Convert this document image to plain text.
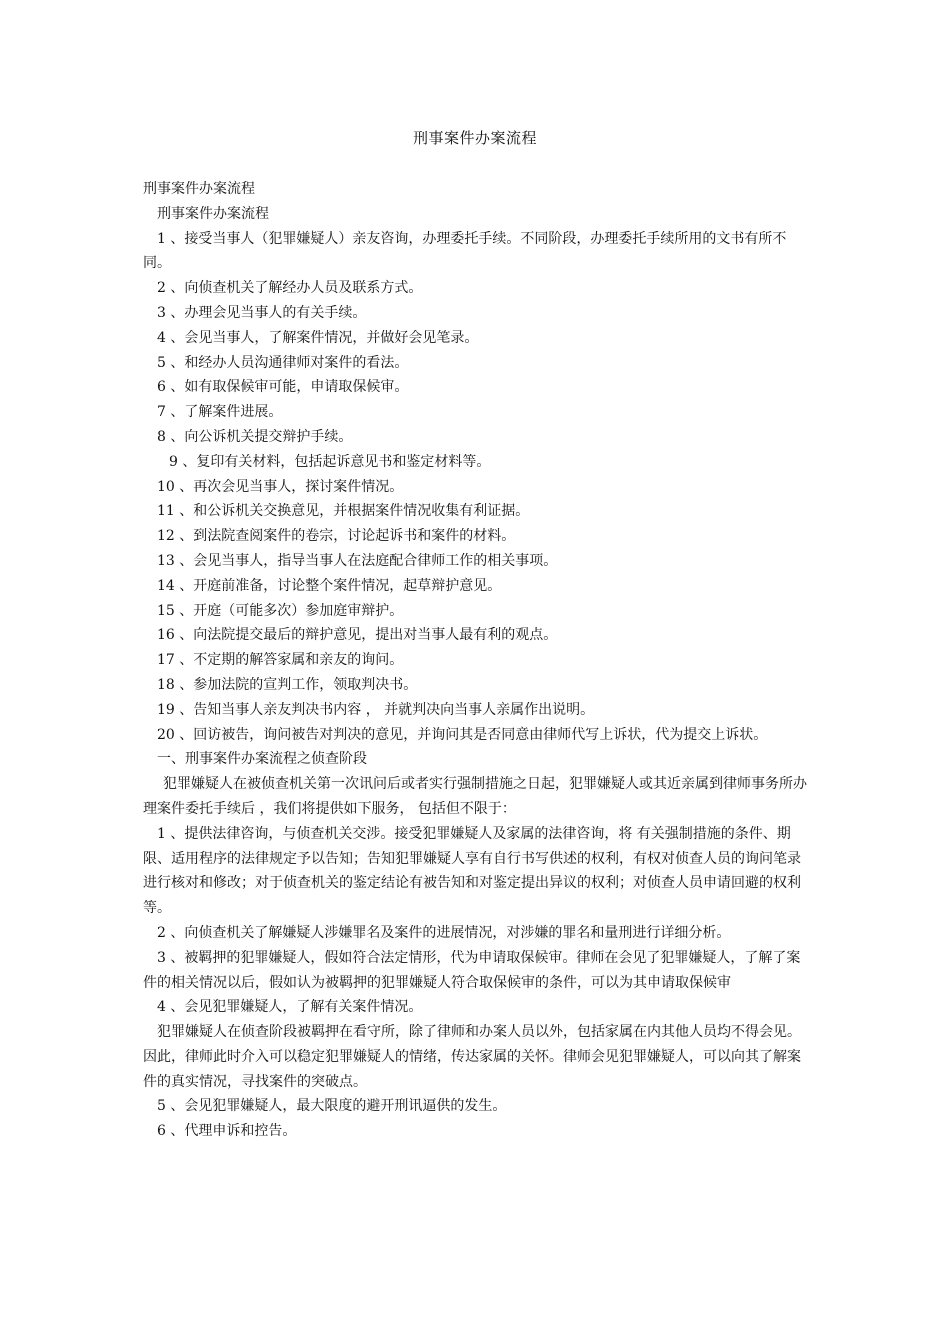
刑事案件办案流程

刑事案件办案流程

刑事案件办案流程

1 、接受当事人（犯罪嫌疑人）亲友咨询，办理委托手续。不同阶段，办理委托手续所用的文书有所不同。

2 、向侦查机关了解经办人员及联系方式。

3 、办理会见当事人的有关手续。

4 、会见当事人，了解案件情况，并做好会见笔录。

5 、和经办人员沟通律师对案件的看法。

6 、如有取保候审可能，申请取保候审。

7 、了解案件进展。

8 、向公诉机关提交辩护手续。

9 、复印有关材料，包括起诉意见书和鉴定材料等。

10 、再次会见当事人，探讨案件情况。

11 、和公诉机关交换意见，并根据案件情况收集有利证据。

12 、到法院查阅案件的卷宗，讨论起诉书和案件的材料。

13 、会见当事人，指导当事人在法庭配合律师工作的相关事项。

14 、开庭前准备，讨论整个案件情况，起草辩护意见。

15 、开庭（可能多次）参加庭审辩护。

16 、向法院提交最后的辩护意见，提出对当事人最有利的观点。

17 、不定期的解答家属和亲友的询问。

18 、参加法院的宣判工作，领取判决书。

19 、告知当事人亲友判决书内容 ， 并就判决向当事人亲属作出说明。

20 、回访被告，询问被告对判决的意见，并询问其是否同意由律师代写上诉状，代为提交上诉状。

一、刑事案件办案流程之侦查阶段

犯罪嫌疑人在被侦查机关第一次讯问后或者实行强制措施之日起，犯罪嫌疑人或其近亲属到律师事务所办理案件委托手续后 ，我们将提供如下服务， 包括但不限于：

1 、提供法律咨询，与侦查机关交涉。接受犯罪嫌疑人及家属的法律咨询，将 有关强制措施的条件、期限、适用程序的法律规定予以告知；告知犯罪嫌疑人享有自行书写供述的权利，有权对侦查人员的询问笔录进行核对和修改；对于侦查机关的鉴定结论有被告知和对鉴定提出异议的权利；对侦查人员申请回避的权利等。

2 、向侦查机关了解嫌疑人涉嫌罪名及案件的进展情况，对涉嫌的罪名和量刑进行详细分析。

3 、被羁押的犯罪嫌疑人，假如符合法定情形，代为申请取保候审。律师在会见了犯罪嫌疑人，了解了案件的相关情况以后，假如认为被羁押的犯罪嫌疑人符合取保候审的条件，可以为其申请取保候审

4 、会见犯罪嫌疑人，了解有关案件情况。

犯罪嫌疑人在侦查阶段被羁押在看守所，除了律师和办案人员以外，包括家属在内其他人员均不得会见。因此，律师此时介入可以稳定犯罪嫌疑人的情绪，传达家属的关怀。律师会见犯罪嫌疑人，可以向其了解案件的真实情况，寻找案件的突破点。

5 、会见犯罪嫌疑人，最大限度的避开刑讯逼供的发生。

6 、代理申诉和控告。
